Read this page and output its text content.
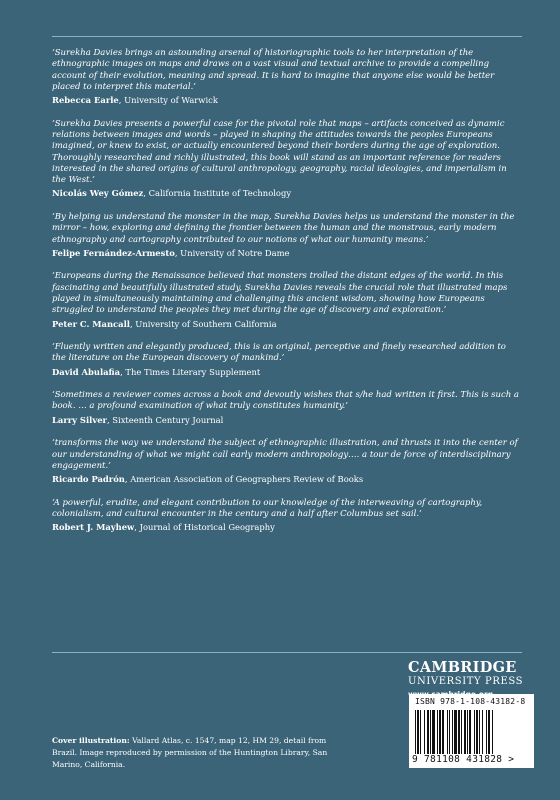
‘Surekha Davies brings an astounding arsenal of historiographic tools to her interpretation of the ethnographic images on maps and draws on a vast visual and textual archive to provide a compelling account of their evolution, meaning and spread. It is hard to imagine that anyone else would be better placed to interpret this material.’

Rebecca Earle, University of Warwick

‘Surekha Davies presents a powerful case for the pivotal role that maps – artifacts conceived as dynamic relations between images and words – played in shaping the attitudes towards the peoples Europeans imagined, or knew to exist, or actually encountered beyond their borders during the age of exploration. Thoroughly researched and richly illustrated, this book will stand as an important reference for readers interested in the shared origins of cultural anthropology, geography, racial ideologies, and imperialism in the West.’

Nicolás Wey Gómez, California Institute of Technology

‘By helping us understand the monster in the map, Surekha Davies helps us understand the monster in the mirror – how, exploring and defining the frontier between the human and the monstrous, early modern ethnography and cartography contributed to our notions of what our humanity means.’

Felipe Fernández-Armesto, University of Notre Dame

‘Europeans during the Renaissance believed that monsters trolled the distant edges of the world. In this fascinating and beautifully illustrated study, Surekha Davies reveals the crucial role that illustrated maps played in simultaneously maintaining and challenging this ancient wisdom, showing how Europeans struggled to understand the peoples they met during the age of discovery and exploration.’

Peter C. Mancall, University of Southern California

‘Fluently written and elegantly produced, this is an original, perceptive and finely researched addition to the literature on the European discovery of mankind.’

David Abulafia, The Times Literary Supplement

‘Sometimes a reviewer comes across a book and devoutly wishes that s/he had written it first. This is such a book. … a profound examination of what truly constitutes humanity.’

Larry Silver, Sixteenth Century Journal

‘transforms the way we understand the subject of ethnographic illustration, and thrusts it into the center of our understanding of what we might call early modern anthropology…. a tour de force of interdisciplinary engagement.’

Ricardo Padrón, American Association of Geographers Review of Books

‘A powerful, erudite, and elegant contribution to our knowledge of the interweaving of cartography, colonialism, and cultural encounter in the century and a half after Columbus set sail.’

Robert J. Mayhew, Journal of Historical Geography

CAMBRIDGE
UNIVERSITY PRESS
Cover illustration: Vallard Atlas, c. 1547, map 12, HM 29, detail from Brazil. Image reproduced by permission of the Huntington Library, San Marino, California.
ISBN 978-1-108-43182-8
9 781108 431828 >
